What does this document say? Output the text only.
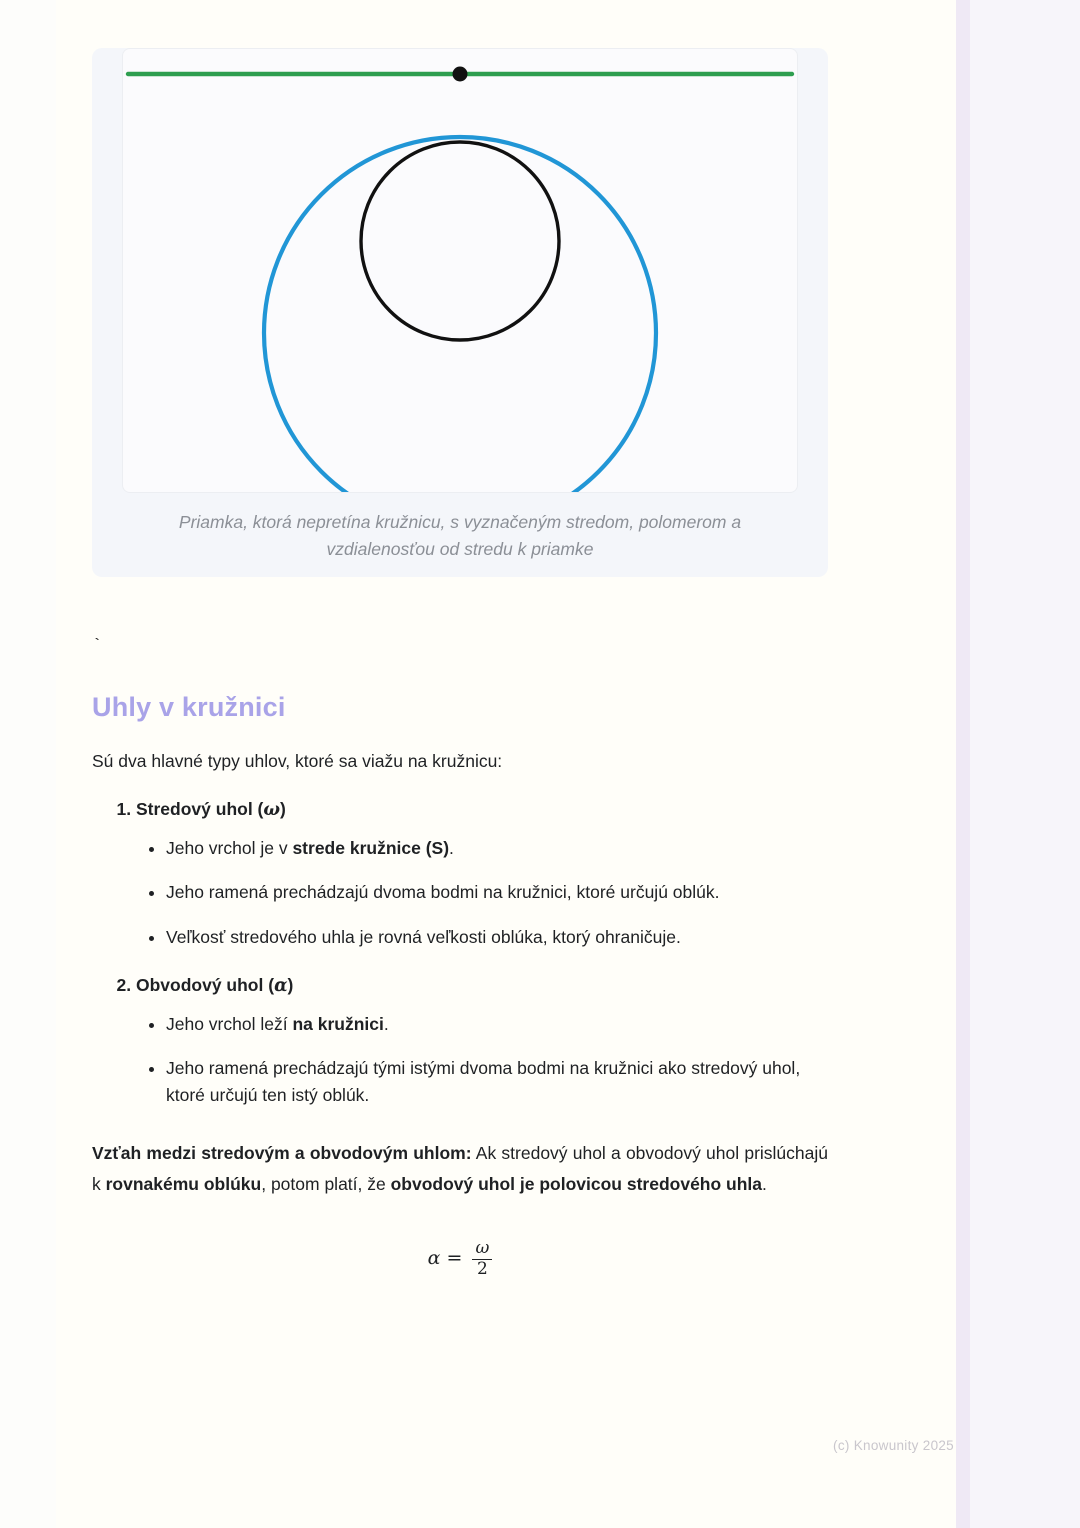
Priamka, ktorá nepretína kružnicu, s vyznačeným stredom, polomerom a vzdialenosťou od stredu k priamke
`
Uhly v kružnici

Sú dva hlavné typy uhlov, ktoré sa viažu na kružnicu:

1. Stredový uhol (ω)
• Jeho vrchol je v strede kružnice (S).
• Jeho ramená prechádzajú dvoma bodmi na kružnici, ktoré určujú oblúk.
• Veľkosť stredového uhla je rovná veľkosti oblúka, ktorý ohraničuje.
2. Obvodový uhol (α)
• Jeho vrchol leží na kružnici.
• Jeho ramená prechádzajú tými istými dvoma bodmi na kružnici ako stredový uhol, ktoré určujú ten istý oblúk.

Vzťah medzi stredovým a obvodovým uhlom: Ak stredový uhol a obvodový uhol prislúchajú k rovnakému oblúku, potom platí, že obvodový uhol je polovicou stredového uhla.

$\alpha = \frac{\omega}{2}$
(c) Knowunity 2025
